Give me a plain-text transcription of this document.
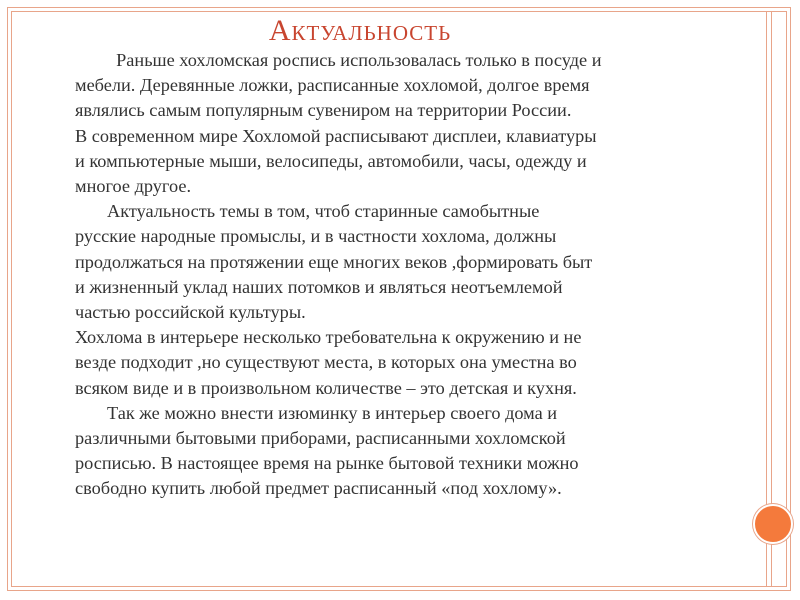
Актуальность

Раньше хохломская роспись использовалась только в посуде и

мебели. Деревянные ложки, расписанные хохломой, долгое время

являлись самым популярным сувениром на территории России.

В современном мире Хохломой расписывают дисплеи, клавиатуры

и компьютерные мыши, велосипеды, автомобили, часы, одежду и

многое другое.

Актуальность темы в том, чтоб старинные самобытные

русские народные промыслы, и в частности хохлома, должны

продолжаться на протяжении еще многих веков ,формировать быт

и жизненный уклад наших потомков и являться неотъемлемой

частью российской культуры.

Хохлома в интерьере несколько требовательна к окружению и не

везде подходит ,но существуют места, в которых она уместна во

всяком виде и в произвольном количестве – это детская и кухня.

Так же можно внести изюминку в интерьер своего дома и

различными бытовыми приборами, расписанными хохломской

росписью. В настоящее время на рынке бытовой техники можно

свободно купить любой предмет расписанный «под хохлому».
